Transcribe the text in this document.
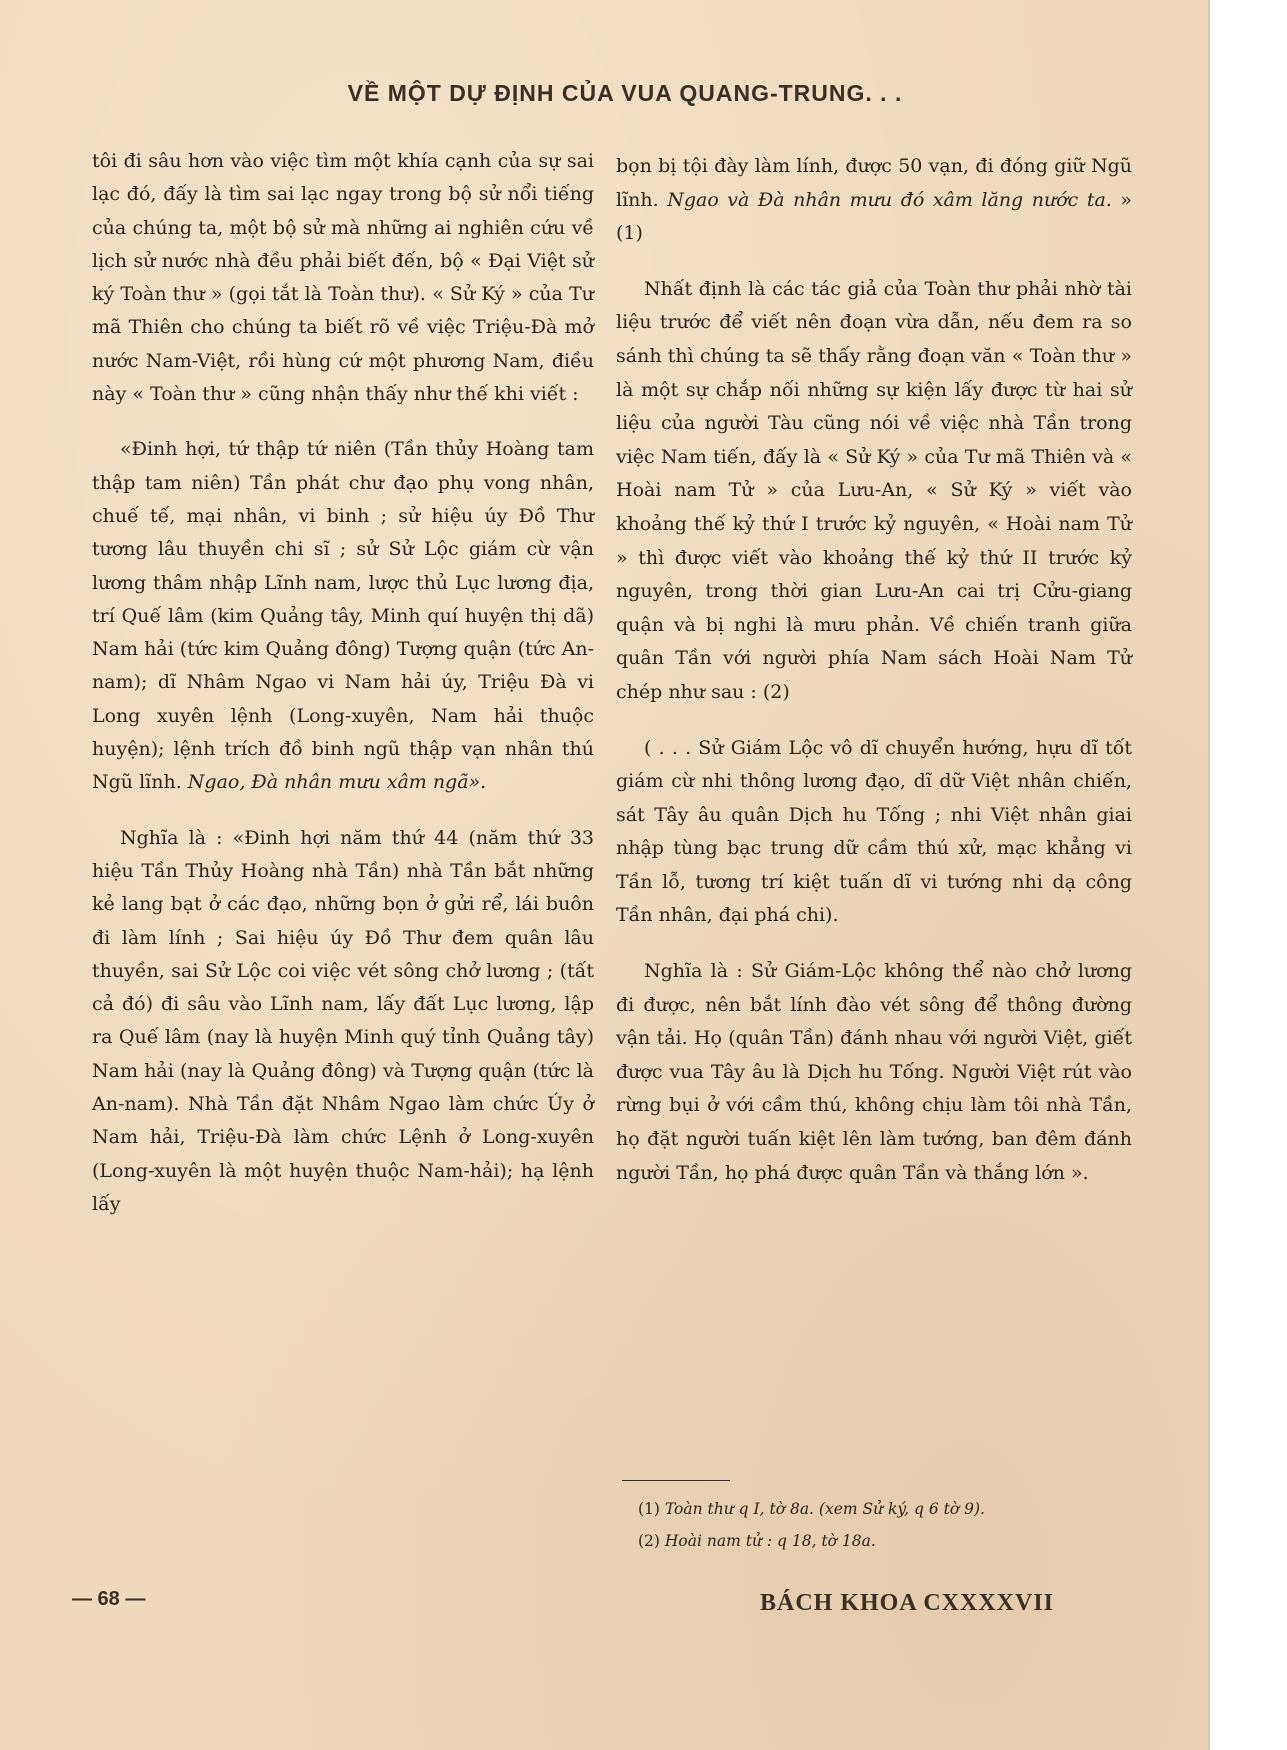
VỀ MỘT DỰ ĐỊNH CỦA VUA QUANG-TRUNG. . .

tôi đi sâu hơn vào việc tìm một khía cạnh của sự sai lạc đó, đấy là tìm sai lạc ngay trong bộ sử nổi tiếng của chúng ta, một bộ sử mà những ai nghiên cứu về lịch sử nước nhà đều phải biết đến, bộ « Đại Việt sử ký Toàn thư » (gọi tắt là Toàn thư). « Sử Ký » của Tư mã Thiên cho chúng ta biết rõ về việc Triệu-Đà mở nước Nam-Việt, rồi hùng cứ một phương Nam, điều này « Toàn thư » cũng nhận thấy như thế khi viết :

«Đinh hợi, tứ thập tứ niên (Tần thủy Hoàng tam thập tam niên) Tần phát chư đạo phụ vong nhân, chuế tế, mại nhân, vi binh ; sử hiệu úy Đồ Thư tương lâu thuyền chi sĩ ; sử Sử Lộc giám cừ vận lương thâm nhập Lĩnh nam, lược thủ Lục lương địa, trí Quế lâm (kim Quảng tây, Minh quí huyện thị dã) Nam hải (tức kim Quảng đông) Tượng quận (tức An-nam); dĩ Nhâm Ngao vi Nam hải úy, Triệu Đà vi Long xuyên lệnh (Long-xuyên, Nam hải thuộc huyện); lệnh trích đồ binh ngũ thập vạn nhân thú Ngũ lĩnh. Ngao, Đà nhân mưu xâm ngã».

Nghĩa là : «Đinh hợi năm thứ 44 (năm thứ 33 hiệu Tần Thủy Hoàng nhà Tần) nhà Tần bắt những kẻ lang bạt ở các đạo, những bọn ở gửi rể, lái buôn đi làm lính ; Sai hiệu úy Đồ Thư đem quân lâu thuyền, sai Sử Lộc coi việc vét sông chở lương ; (tất cả đó) đi sâu vào Lĩnh nam, lấy đất Lục lương, lập ra Quế lâm (nay là huyện Minh quý tỉnh Quảng tây) Nam hải (nay là Quảng đông) và Tượng quận (tức là An-nam). Nhà Tần đặt Nhâm Ngao làm chức Úy ở Nam hải, Triệu-Đà làm chức Lệnh ở Long-xuyên (Long-xuyên là một huyện thuộc Nam-hải); hạ lệnh lấy

bọn bị tội đày làm lính, được 50 vạn, đi đóng giữ Ngũ lĩnh. Ngao và Đà nhân mưu đó xâm lăng nước ta. » (1)

Nhất định là các tác giả của Toàn thư phải nhờ tài liệu trước để viết nên đoạn vừa dẫn, nếu đem ra so sánh thì chúng ta sẽ thấy rằng đoạn văn « Toàn thư » là một sự chắp nối những sự kiện lấy được từ hai sử liệu của người Tàu cũng nói về việc nhà Tần trong việc Nam tiến, đấy là « Sử Ký » của Tư mã Thiên và « Hoài nam Tử » của Lưu-An, « Sử Ký » viết vào khoảng thế kỷ thứ I trước kỷ nguyên, « Hoài nam Tử » thì được viết vào khoảng thế kỷ thứ II trước kỷ nguyên, trong thời gian Lưu-An cai trị Cửu-giang quận và bị nghi là mưu phản. Về chiến tranh giữa quân Tần với người phía Nam sách Hoài Nam Tử chép như sau : (2)

( . . . Sử Giám Lộc vô dĩ chuyển hướng, hựu dĩ tốt giám cừ nhi thông lương đạo, dĩ dữ Việt nhân chiến, sát Tây âu quân Dịch hu Tống ; nhi Việt nhân giai nhập tùng bạc trung dữ cầm thú xử, mạc khẳng vi Tần lỗ, tương trí kiệt tuấn dĩ vi tướng nhi dạ công Tần nhân, đại phá chi).

Nghĩa là : Sử Giám-Lộc không thể nào chở lương đi được, nên bắt lính đào vét sông để thông đường vận tải. Họ (quân Tần) đánh nhau với người Việt, giết được vua Tây âu là Dịch hu Tống. Người Việt rút vào rừng bụi ở với cầm thú, không chịu làm tôi nhà Tần, họ đặt người tuấn kiệt lên làm tướng, ban đêm đánh người Tần, họ phá được quân Tần và thắng lớn ».

(1) Toàn thư q I, tờ 8a. (xem Sử ký, q 6 tờ 9).
(2) Hoài nam tử : q 18, tờ 18a.
— 68 —	BÁCH KHOA CXXXXVII
